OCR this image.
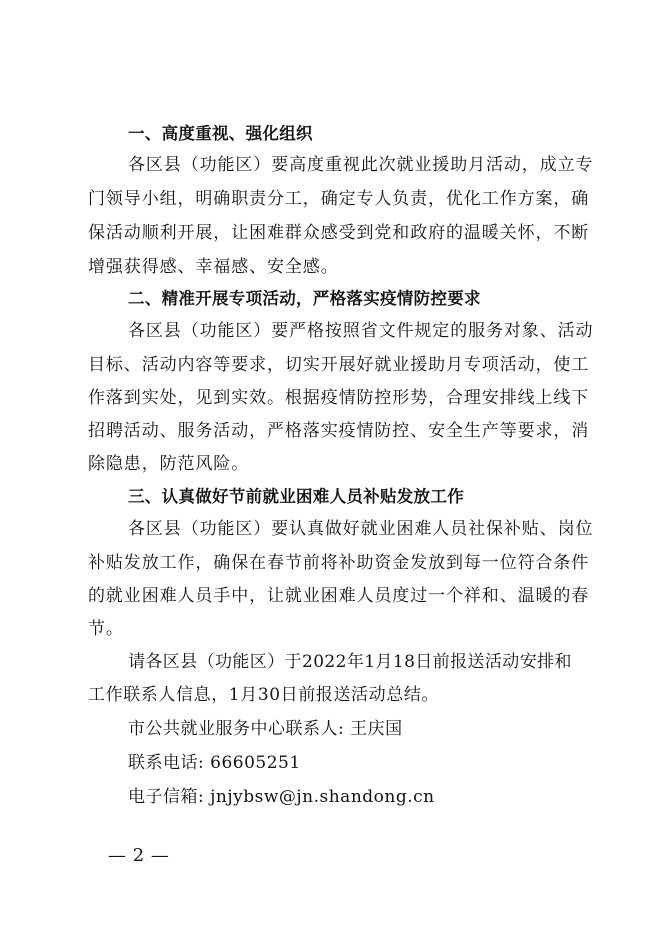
一、高度重视、强化组织
各区县（功能区）要高度重视此次就业援助月活动，成立专
门领导小组，明确职责分工，确定专人负责，优化工作方案，确
保活动顺利开展，让困难群众感受到党和政府的温暖关怀，不断
增强获得感、幸福感、安全感。
二、精准开展专项活动，严格落实疫情防控要求
各区县（功能区）要严格按照省文件规定的服务对象、活动
目标、活动内容等要求，切实开展好就业援助月专项活动，使工
作落到实处，见到实效。根据疫情防控形势，合理安排线上线下
招聘活动、服务活动，严格落实疫情防控、安全生产等要求，消
除隐患，防范风险。
三、认真做好节前就业困难人员补贴发放工作
各区县（功能区）要认真做好就业困难人员社保补贴、岗位
补贴发放工作，确保在春节前将补助资金发放到每一位符合条件
的就业困难人员手中，让就业困难人员度过一个祥和、温暖的春
节。
请各区县（功能区）于2022年1月18日前报送活动安排和
工作联系人信息，1月30日前报送活动总结。
市公共就业服务中心联系人: 王庆国
联系电话: 66605251
电子信箱: jnjybsw@jn.shandong.cn
— 2 —
